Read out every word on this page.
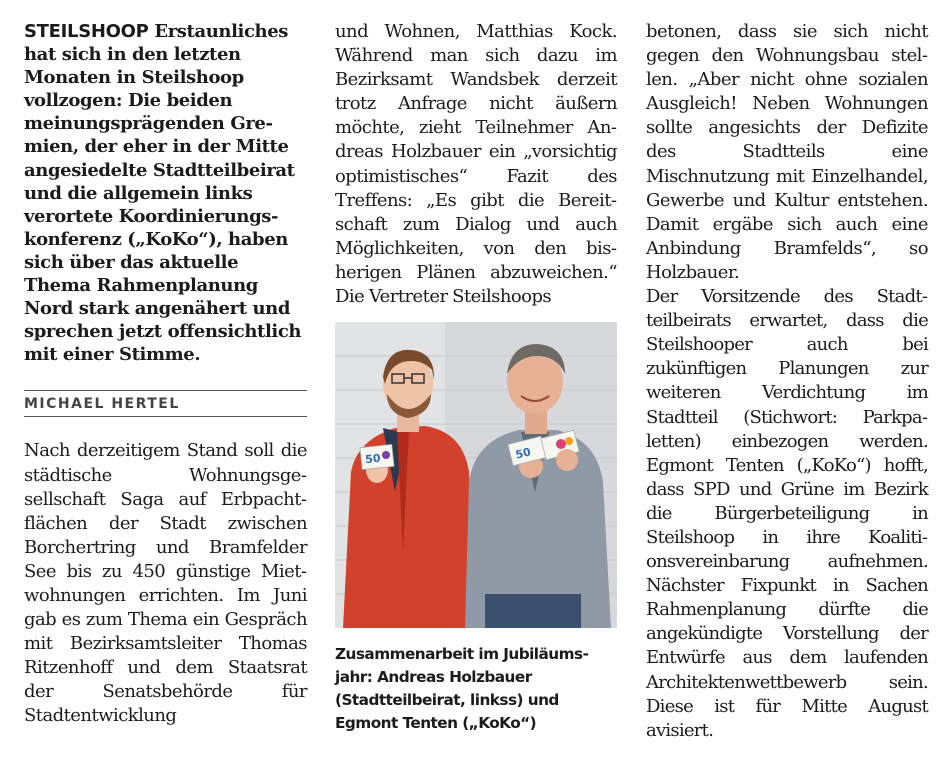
STEILSHOOP Erstaunliches hat sich in den letzten Monaten in Steilshoop vollzogen: Die beiden meinungsprägenden Gremien, der eher in der Mitte angesiedelte Stadtteilbeirat und die allgemein links verortete Koordinierungskonferenz („KoKo“), haben sich über das aktuelle Thema Rahmenplanung Nord stark angenähert und sprechen jetzt offensichtlich mit einer Stimme.

MICHAEL HERTEL

Nach derzeitigem Stand soll die städtische Wohnungsgesellschaft Saga auf Erbpachtflächen der Stadt zwischen Borchertring und Bramfelder See bis zu 450 günstige Mietwohnungen errichten. Im Juni gab es zum Thema ein Gespräch mit Bezirksamtsleiter Thomas Ritzenhoff und dem Staatsrat der Senatsbehörde für Stadtentwicklung

und Wohnen, Matthias Kock. Während man sich dazu im Bezirksamt Wandsbek derzeit trotz Anfrage nicht äußern möchte, zieht Teilnehmer Andreas Holzbauer ein „vorsichtig optimistisches“ Fazit des Treffens: „Es gibt die Bereitschaft zum Dialog und auch Möglichkeiten, von den bisherigen Plänen abzuweichen.“ Die Vertreter Steilshoops

50	50

Zusammenarbeit im Jubiläumsjahr: Andreas Holzbauer (Stadtteilbeirat, linkss) und Egmont Tenten („KoKo“)

betonen, dass sie sich nicht gegen den Wohnungsbau stellen. „Aber nicht ohne sozialen Ausgleich! Neben Wohnungen sollte angesichts der Defizite des Stadtteils eine Mischnutzung mit Einzelhandel, Gewerbe und Kultur entstehen. Damit ergäbe sich auch eine Anbindung Bramfelds“, so Holzbauer.

Der Vorsitzende des Stadtteilbeirats erwartet, dass die Steilshooper auch bei zukünftigen Planungen zur weiteren Verdichtung im Stadtteil (Stichwort: Parkpaletten) einbezogen werden. Egmont Tenten („KoKo“) hofft, dass SPD und Grüne im Bezirk die Bürgerbeteiligung in Steilshoop in ihre Koalitionsvereinbarung aufnehmen. Nächster Fixpunkt in Sachen Rahmenplanung dürfte die angekündigte Vorstellung der Entwürfe aus dem laufenden Architektenwettbewerb sein. Diese ist für Mitte August avisiert.
